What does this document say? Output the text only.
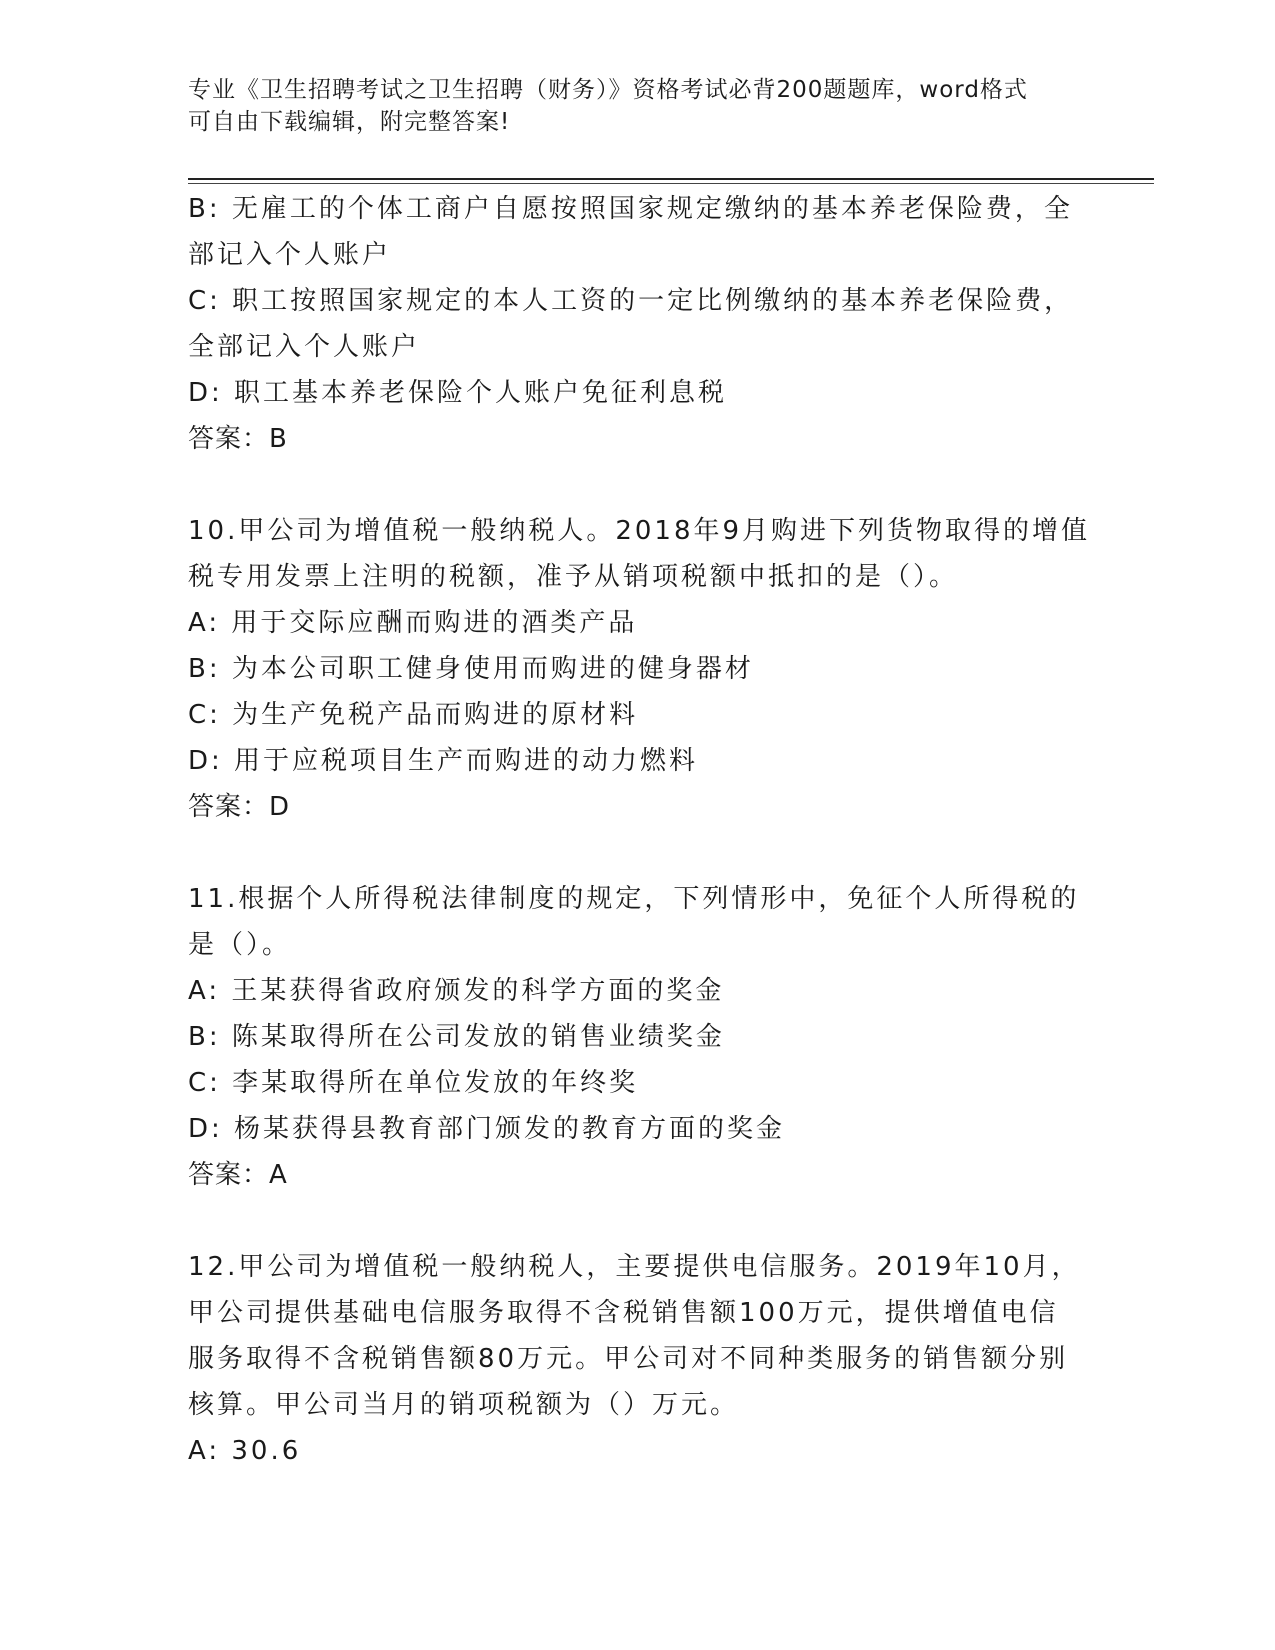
专业《卫生招聘考试之卫生招聘（财务）》资格考试必背200题题库，word格式
可自由下载编辑，附完整答案!
B: 无雇工的个体工商户自愿按照国家规定缴纳的基本养老保险费，全
部记入个人账户
C: 职工按照国家规定的本人工资的一定比例缴纳的基本养老保险费，
全部记入个人账户
D: 职工基本养老保险个人账户免征利息税
答案：B
10.甲公司为增值税一般纳税人。2018年9月购进下列货物取得的增值
税专用发票上注明的税额，准予从销项税额中抵扣的是（）。
A: 用于交际应酬而购进的酒类产品
B: 为本公司职工健身使用而购进的健身器材
C: 为生产免税产品而购进的原材料
D: 用于应税项目生产而购进的动力燃料
答案：D
11.根据个人所得税法律制度的规定，下列情形中，免征个人所得税的
是（）。
A: 王某获得省政府颁发的科学方面的奖金
B: 陈某取得所在公司发放的销售业绩奖金
C: 李某取得所在单位发放的年终奖
D: 杨某获得县教育部门颁发的教育方面的奖金
答案：A
12.甲公司为增值税一般纳税人，主要提供电信服务。2019年10月，
甲公司提供基础电信服务取得不含税销售额100万元，提供增值电信
服务取得不含税销售额80万元。甲公司对不同种类服务的销售额分别
核算。甲公司当月的销项税额为（）万元。
A: 30.6
